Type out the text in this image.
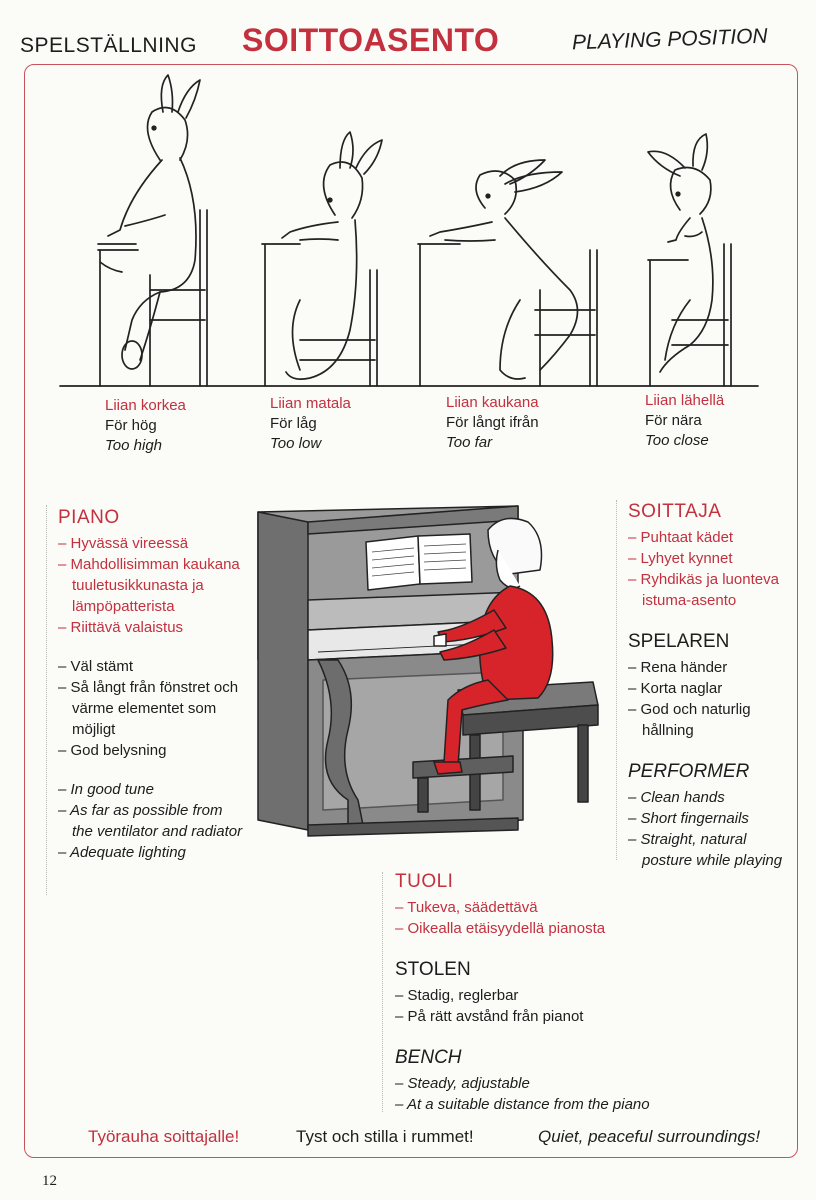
SPELSTÄLLNING SOITTOASENTO	PLAYING POSITION
Liian korkea
För hög
Too high
Liian matala
För låg
Too low
Liian kaukana
För långt ifrån
Too far
Liian lähellä
För nära
Too close
PIANO
– Hyvässä vireessä
– Mahdollisimman kaukana tuuletusikkunasta ja lämpöpatterista
– Riittävä valaistus
– Väl stämt
– Så långt från fönstret och värme elementet som möjligt
– God belysning
– In good tune
– As far as possible from the ventilator and radiator
– Adequate lighting
SOITTAJA
– Puhtaat kädet
– Lyhyet kynnet
– Ryhdikäs ja luonteva istuma-asento
SPELAREN
– Rena händer
– Korta naglar
– God och naturlig hållning
PERFORMER
– Clean hands
– Short fingernails
– Straight, natural posture while playing
TUOLI
– Tukeva, säädettävä
– Oikealla etäisyydellä pianosta
STOLEN
– Stadig, reglerbar
– På rätt avstånd från pianot
BENCH
– Steady, adjustable
– At a suitable distance from the piano
Työrauha soittajalle!	Tyst och stilla i rummet!	Quiet, peaceful surroundings!
12
